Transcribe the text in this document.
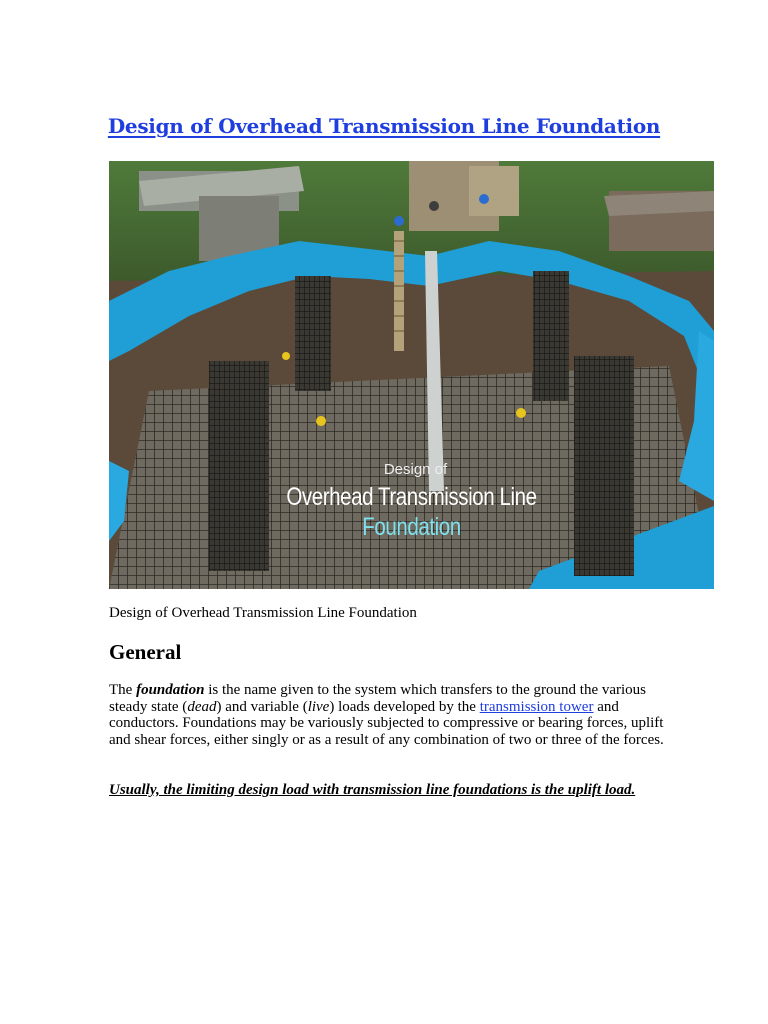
Design of Overhead Transmission Line Foundation
Design of
Overhead Transmission Line
Foundation
Design of Overhead Transmission Line Foundation
General

The foundation is the name given to the system which transfers to the ground the various steady state (dead) and variable (live) loads developed by the transmission tower and conductors. Foundations may be variously subjected to compressive or bearing forces, uplift and shear forces, either singly or as a result of any combination of two or three of the forces.

Usually, the limiting design load with transmission line foundations is the uplift load.
